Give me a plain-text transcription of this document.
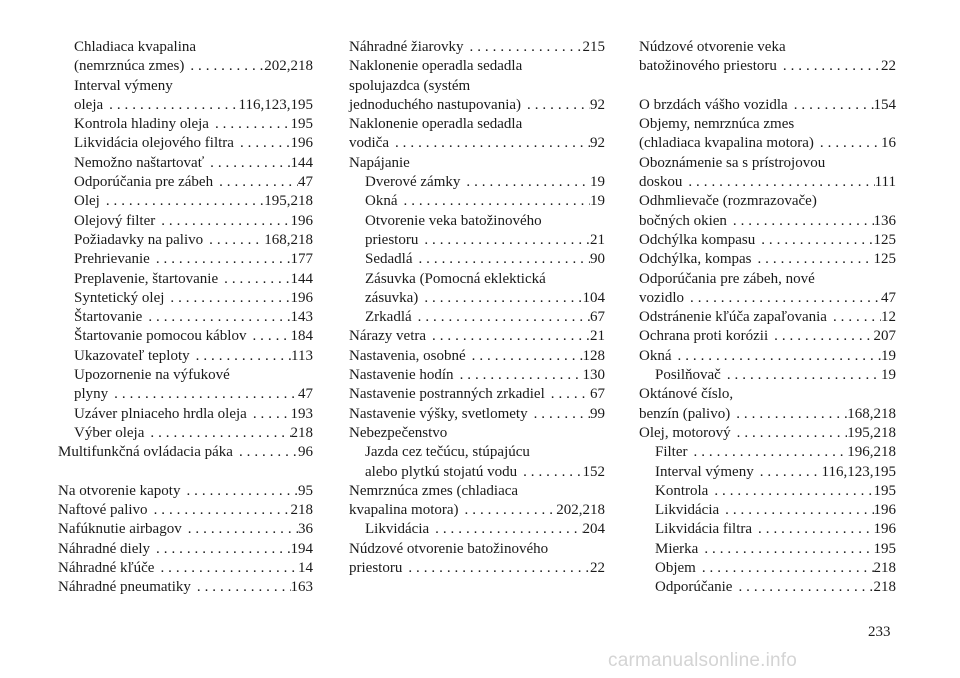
Chladiaca kvapalina
(nemrznúca zmes) . . .	202,218
Interval výmeny
oleja . . .	116,123,195
Kontrola hladiny oleja . . .	195
Likvidácia olejového filtra . . .	196
Nemožno naštartovať . . .	144
Odporúčania pre zábeh . . .	47
Olej . . .	195,218
Olejový filter . . .	196
Požiadavky na palivo . . .	168,218
Prehrievanie . . .	177
Preplavenie, štartovanie . . .	144
Syntetický olej . . .	196
Štartovanie . . .	143
Štartovanie pomocou káblov . . .	184
Ukazovateľ teploty . . .	113
Upozornenie na výfukové
plyny . . .	47
Uzáver plniaceho hrdla oleja . . .	193
Výber oleja . . .	218
Multifunkčná ovládacia páka . . .	96
Na otvorenie kapoty . . .	95
Naftové palivo . . .	218
Nafúknutie airbagov . . .	36
Náhradné diely . . .	194
Náhradné kľúče . . .	14
Náhradné pneumatiky . . .	163
Náhradné žiarovky . . .	215
Naklonenie operadla sedadla
spolujazdca (systém
jednoduchého nastupovania) . . .	92
Naklonenie operadla sedadla
vodiča . . .	92
Napájanie
Dverové zámky . . .	19
Okná . . .	19
Otvorenie veka batožinového
priestoru . . .	21
Sedadlá . . .	90
Zásuvka (Pomocná eklektická
zásuvka) . . .	104
Zrkadlá . . .	67
Nárazy vetra . . .	21
Nastavenia, osobné . . .	128
Nastavenie hodín . . .	130
Nastavenie postranných zrkadiel . . .	67
Nastavenie výšky, svetlomety . . .	99
Nebezpečenstvo
Jazda cez tečúcu, stúpajúcu
alebo plytkú stojatú vodu . . .	152
Nemrznúca zmes (chladiaca
kvapalina motora) . . .	202,218
Likvidácia . . .	204
Núdzové otvorenie batožinového
priestoru . . .	22
Núdzové otvorenie veka
batožinového priestoru . . .	22
O brzdách vášho vozidla . . .	154
Objemy, nemrznúca zmes
(chladiaca kvapalina motora) . . .	16
Oboznámenie sa s prístrojovou
doskou . . .	111
Odhmlievače (rozmrazovače)
bočných okien . . .	136
Odchýlka kompasu . . .	125
Odchýlka, kompas . . .	125
Odporúčania pre zábeh, nové
vozidlo . . .	47
Odstránenie kľúča zapaľovania . . .	12
Ochrana proti korózii . . .	207
Okná . . .	19
Posilňovač . . .	19
Oktánové číslo,
benzín (palivo) . . .	168,218
Olej, motorový . . .	195,218
Filter . . .	196,218
Interval výmeny . . .	116,123,195
Kontrola . . .	195
Likvidácia . . .	196
Likvidácia filtra . . .	196
Mierka . . .	195
Objem . . .	218
Odporúčanie . . .	218
233
carmanualsonline.info
